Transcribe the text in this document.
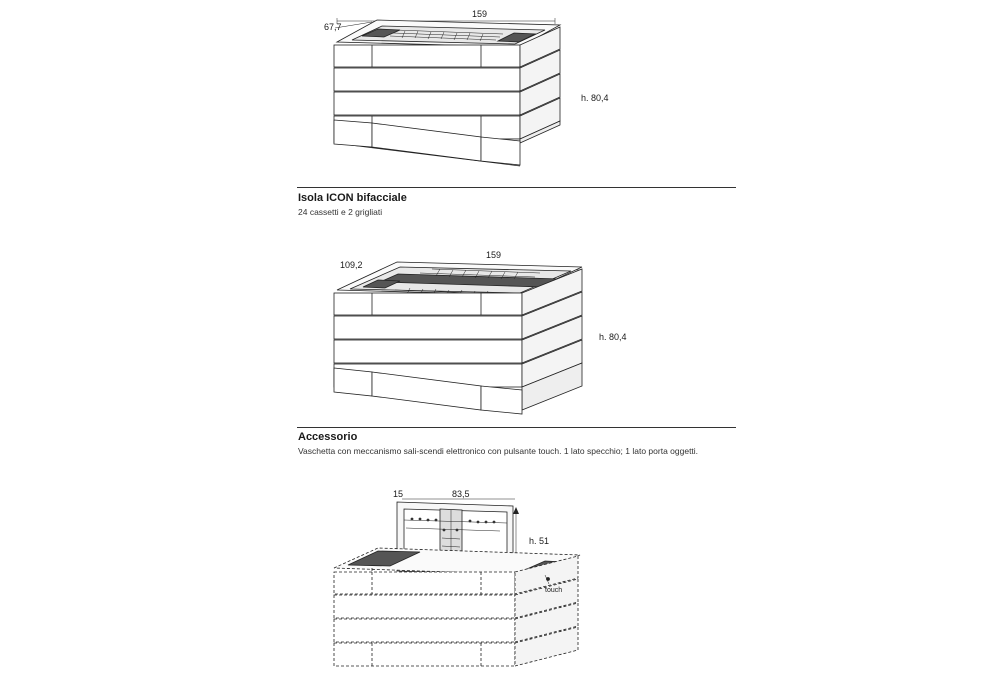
67,7
159
h. 80,4
Isola ICON bifacciale
24 cassetti e 2 grigliati
109,2
159
h. 80,4
Accessorio
Vaschetta con meccanismo sali-scendi elettronico con pulsante touch. 1 lato specchio; 1 lato porta oggetti.
15	83,5
h. 51
touch
